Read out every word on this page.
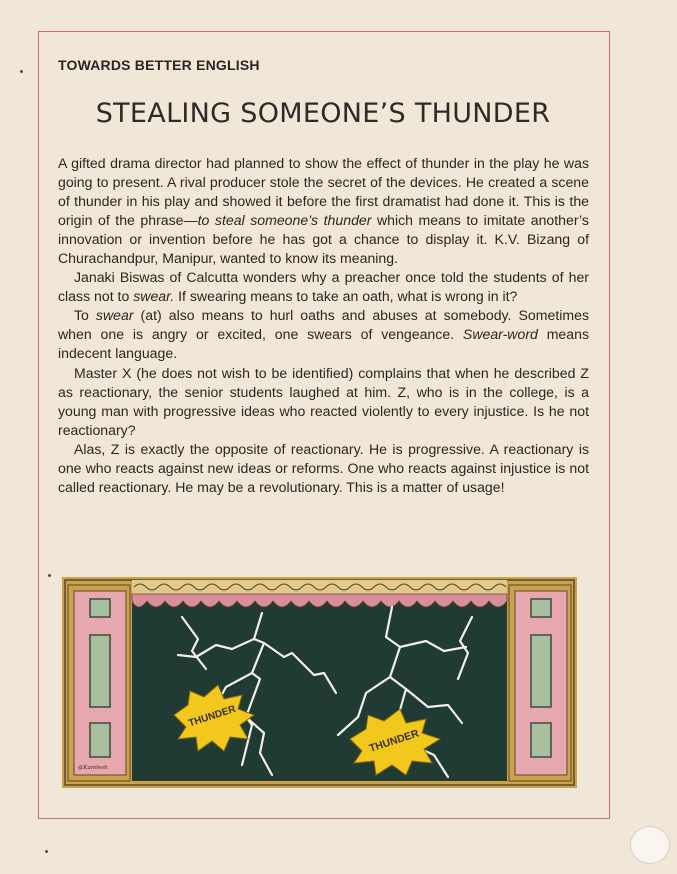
TOWARDS BETTER ENGLISH
STEALING SOMEONE’S THUNDER

A gifted drama director had planned to show the effect of thunder in the play he was going to present. A rival producer stole the secret of the devices. He created a scene of thunder in his play and showed it before the first dramatist had done it. This is the origin of the phrase—to steal someone’s thunder which means to imitate another’s innovation or invention before he has got a chance to display it. K.V. Bizang of Churachandpur, Manipur, wanted to know its meaning.

Janaki Biswas of Calcutta wonders why a preacher once told the students of her class not to swear. If swearing means to take an oath, what is wrong in it?

To swear (at) also means to hurl oaths and abuses at somebody. Sometimes when one is angry or excited, one swears of vengeance. Swear-word means indecent language.

Master X (he does not wish to be identified) complains that when he described Z as reactionary, the senior students laughed at him. Z, who is in the college, is a young man with progressive ideas who reacted violently to every injustice. Is he not reactionary?

Alas, Z is exactly the opposite of reactionary. He is progressive. A reactionary is one who reacts against new ideas or reforms. One who reacts against injustice is not called reactionary. He may be a revolutionary. This is a matter of usage!

THUNDER
THUNDER
@Kamlesh
